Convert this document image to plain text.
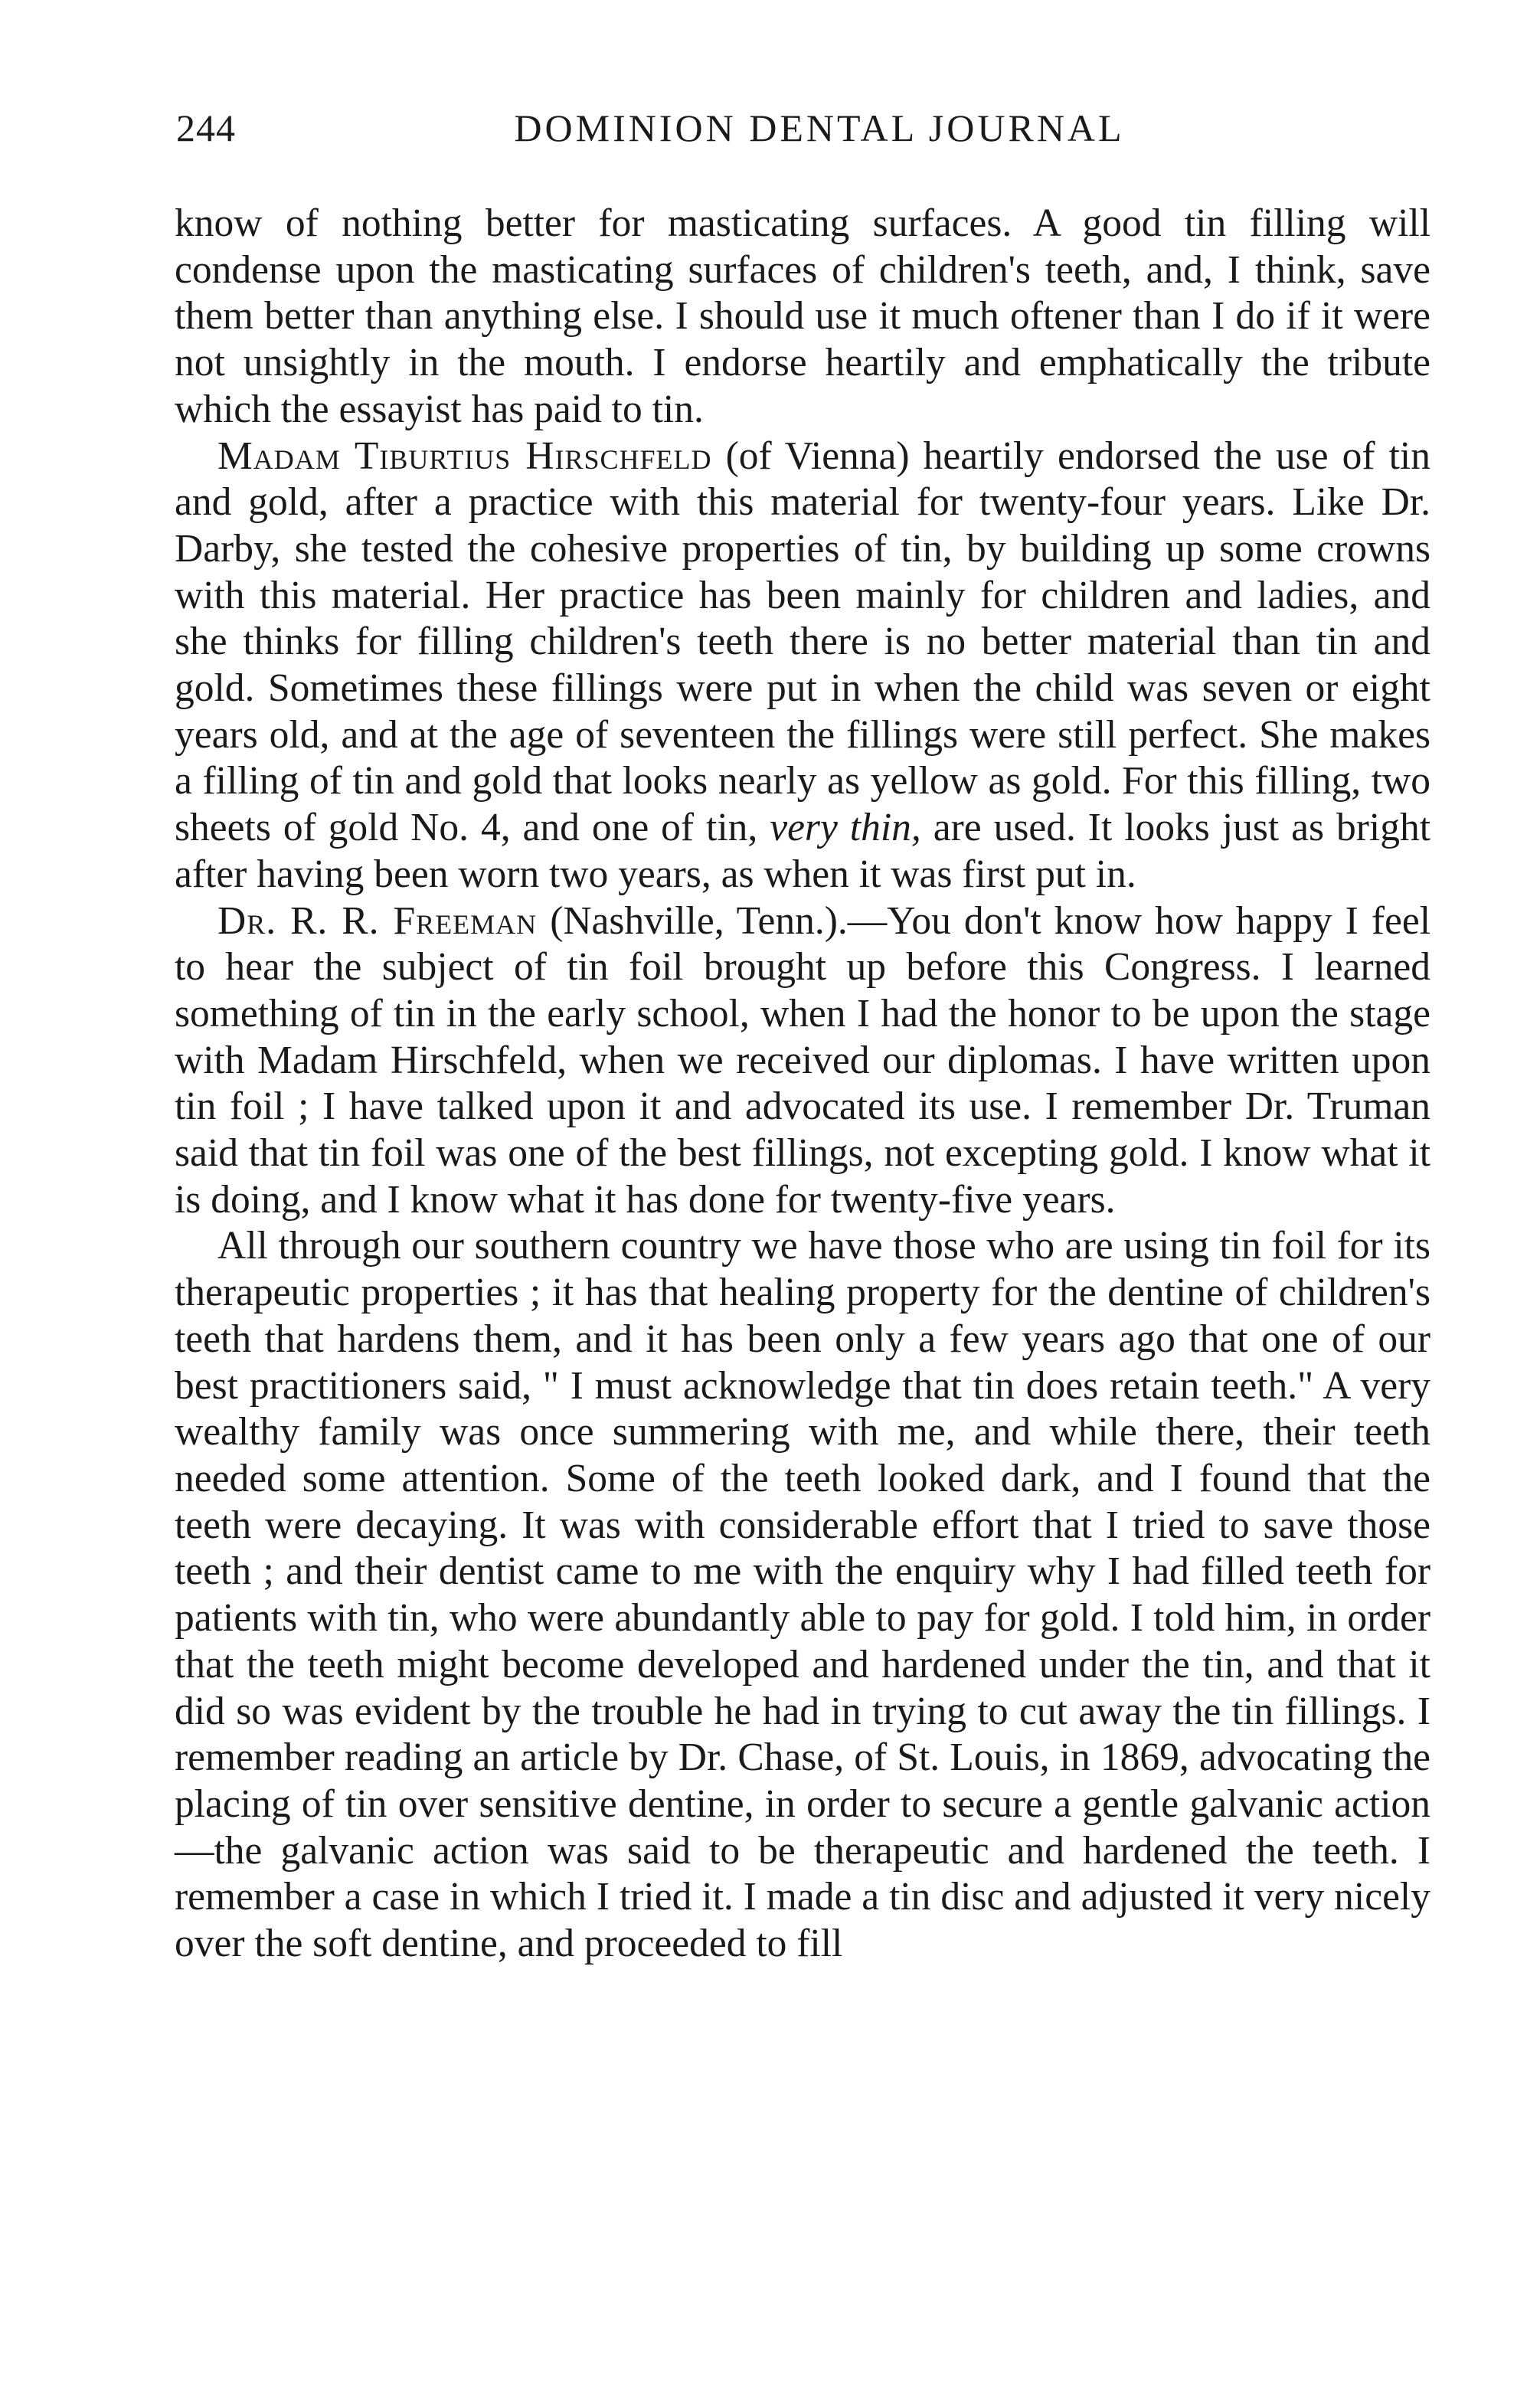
244	DOMINION DENTAL JOURNAL

know of nothing better for masticating surfaces. A good tin filling will condense upon the masticating surfaces of children's teeth, and, I think, save them better than anything else. I should use it much oftener than I do if it were not unsightly in the mouth. I endorse heartily and emphatically the tribute which the essayist has paid to tin.

Madam Tiburtius Hirschfeld (of Vienna) heartily endorsed the use of tin and gold, after a practice with this material for twenty-four years. Like Dr. Darby, she tested the cohesive properties of tin, by building up some crowns with this material. Her practice has been mainly for children and ladies, and she thinks for filling children's teeth there is no better material than tin and gold. Sometimes these fillings were put in when the child was seven or eight years old, and at the age of seventeen the fillings were still perfect. She makes a filling of tin and gold that looks nearly as yellow as gold. For this filling, two sheets of gold No. 4, and one of tin, very thin, are used. It looks just as bright after having been worn two years, as when it was first put in.

Dr. R. R. Freeman (Nashville, Tenn.).—You don't know how happy I feel to hear the subject of tin foil brought up before this Congress. I learned something of tin in the early school, when I had the honor to be upon the stage with Madam Hirschfeld, when we received our diplomas. I have written upon tin foil ; I have talked upon it and advocated its use. I remember Dr. Truman said that tin foil was one of the best fillings, not excepting gold. I know what it is doing, and I know what it has done for twenty-five years.

All through our southern country we have those who are using tin foil for its therapeutic properties ; it has that healing property for the dentine of children's teeth that hardens them, and it has been only a few years ago that one of our best practitioners said, " I must acknowledge that tin does retain teeth." A very wealthy family was once summering with me, and while there, their teeth needed some attention. Some of the teeth looked dark, and I found that the teeth were decaying. It was with considerable effort that I tried to save those teeth ; and their dentist came to me with the enquiry why I had filled teeth for patients with tin, who were abundantly able to pay for gold. I told him, in order that the teeth might become developed and hardened under the tin, and that it did so was evident by the trouble he had in trying to cut away the tin fillings. I remember reading an article by Dr. Chase, of St. Louis, in 1869, advocating the placing of tin over sensitive dentine, in order to secure a gentle galvanic action—the galvanic action was said to be therapeutic and hardened the teeth. I remember a case in which I tried it. I made a tin disc and adjusted it very nicely over the soft dentine, and proceeded to fill
